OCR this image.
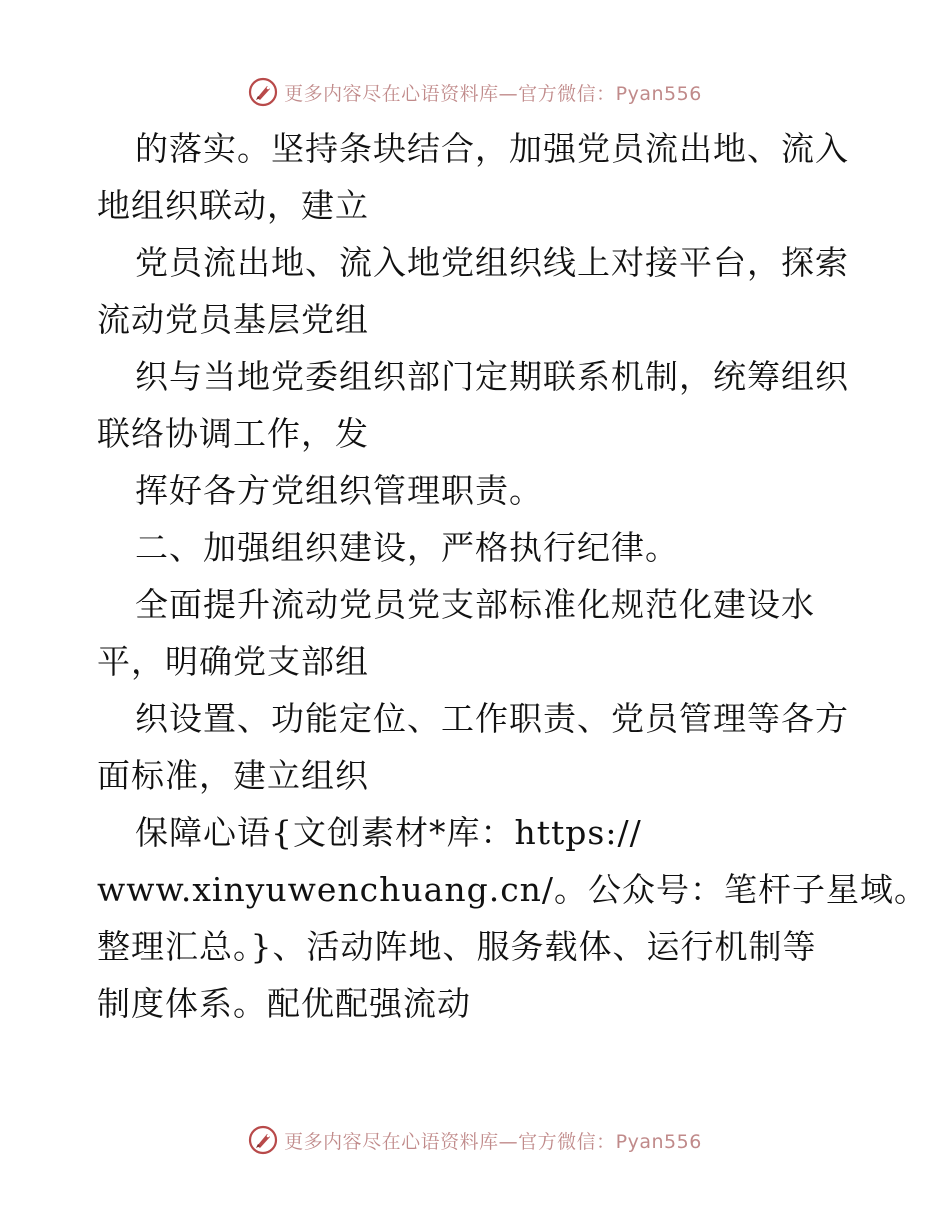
更多内容尽在心语资料库—官方微信：Pyan556
的落实。坚持条块结合，加强党员流出地、流入
地组织联动，建立
党员流出地、流入地党组织线上对接平台，探索
流动党员基层党组
织与当地党委组织部门定期联系机制，统筹组织
联络协调工作，发
挥好各方党组织管理职责。
二、加强组织建设，严格执行纪律。
全面提升流动党员党支部标准化规范化建设水
平，明确党支部组
织设置、功能定位、工作职责、党员管理等各方
面标准，建立组织
保障心语{文创素材*库：https://
www.xinyuwenchuang.cn/。公众号：笔杆子星域。
整理汇总。}、活动阵地、服务载体、运行机制等
制度体系。配优配强流动
更多内容尽在心语资料库—官方微信：Pyan556
